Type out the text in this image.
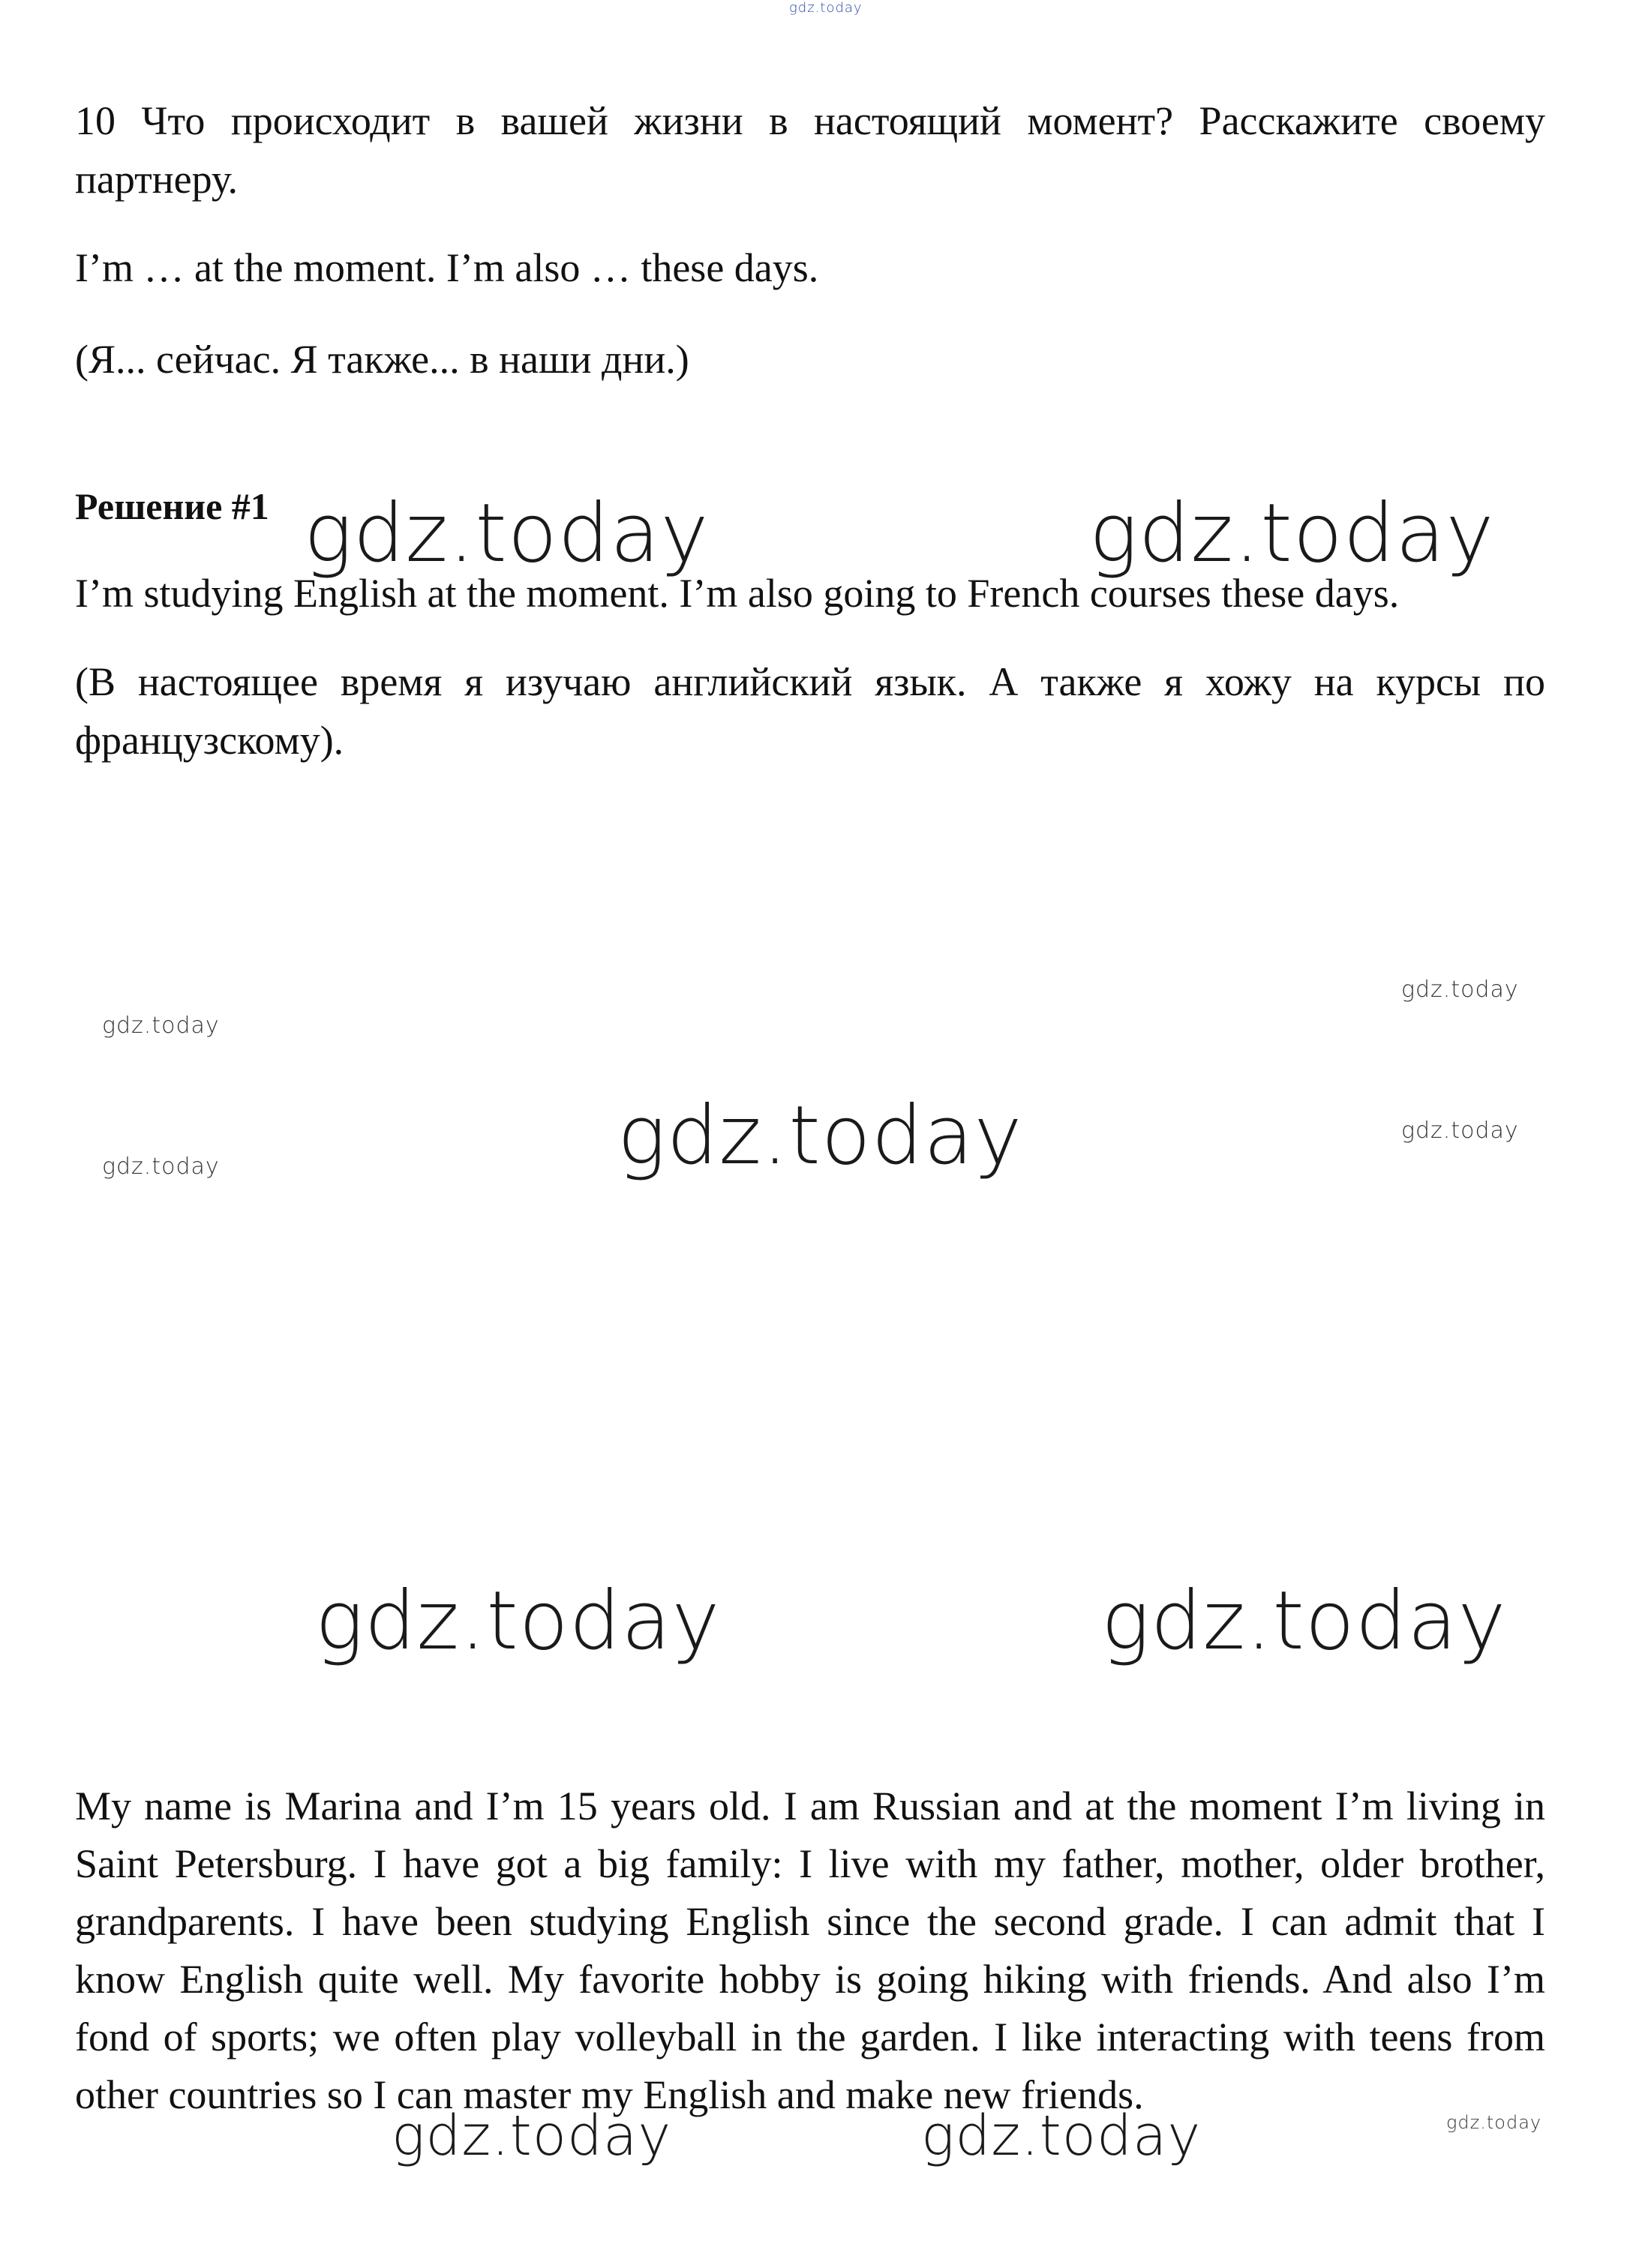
gdz.today

10 Что происходит в вашей жизни в настоящий момент? Расскажите своему партнеру.

I’m … at the moment. I’m also … these days.

(Я... сейчас. Я также... в наши дни.)

Решение #1 gdz.today	gdz.today

I’m studying English at the moment. I’m also going to French courses these days.

(В настоящее время я изучаю английский язык. А также я хожу на курсы по французскому).

gdz.today
gdz.today
gdz.today	gdz.today
gdz.today
gdz.today	gdz.today

My name is Marina and I’m 15 years old. I am Russian and at the moment I’m living in Saint Petersburg. I have got a big family: I live with my father, mother, older brother, grandparents. I have been studying English since the second grade. I can admit that I know English quite well. My favorite hobby is going hiking with friends. And also I’m fond of sports; we often play volleyball in the garden. I like interacting with teens from other countries so I can master my English and make new friends.

gdz.today	gdz.today	gdz.today
